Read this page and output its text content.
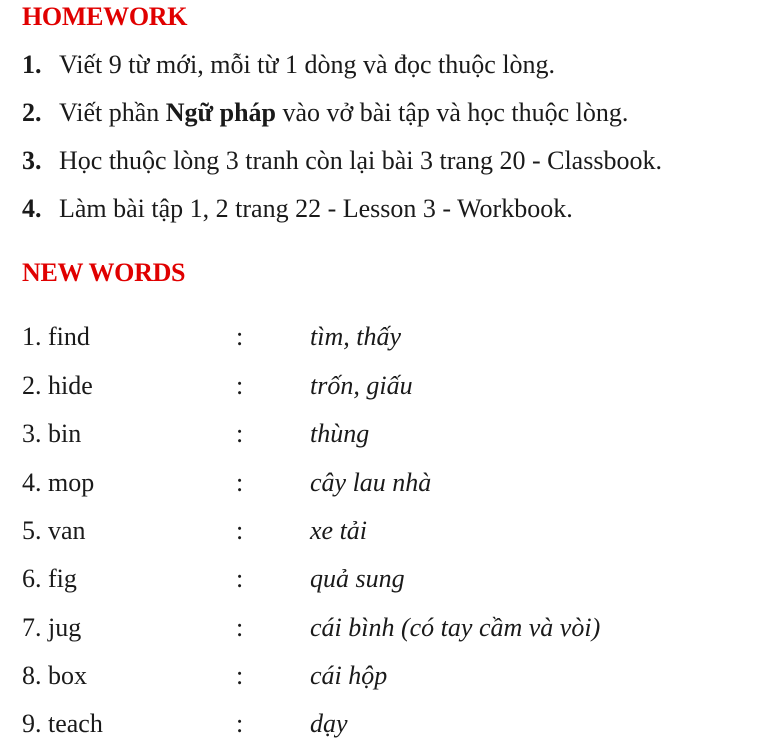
HOMEWORK
1. Viết 9 từ mới, mỗi từ 1 dòng và đọc thuộc lòng.
2. Viết phần Ngữ pháp vào vở bài tập và học thuộc lòng.
3. Học thuộc lòng 3 tranh còn lại bài 3 trang 20 - Classbook.
4. Làm bài tập 1, 2 trang 22 - Lesson 3 - Workbook.
NEW WORDS
1. find	:	tìm, thấy
2. hide	:	trốn, giấu
3. bin	:	thùng
4. mop	:	cây lau nhà
5. van	:	xe tải
6. fig	:	quả sung
7. jug	:	cái bình (có tay cầm và vòi)
8. box	:	cái hộp
9. teach	:	dạy
